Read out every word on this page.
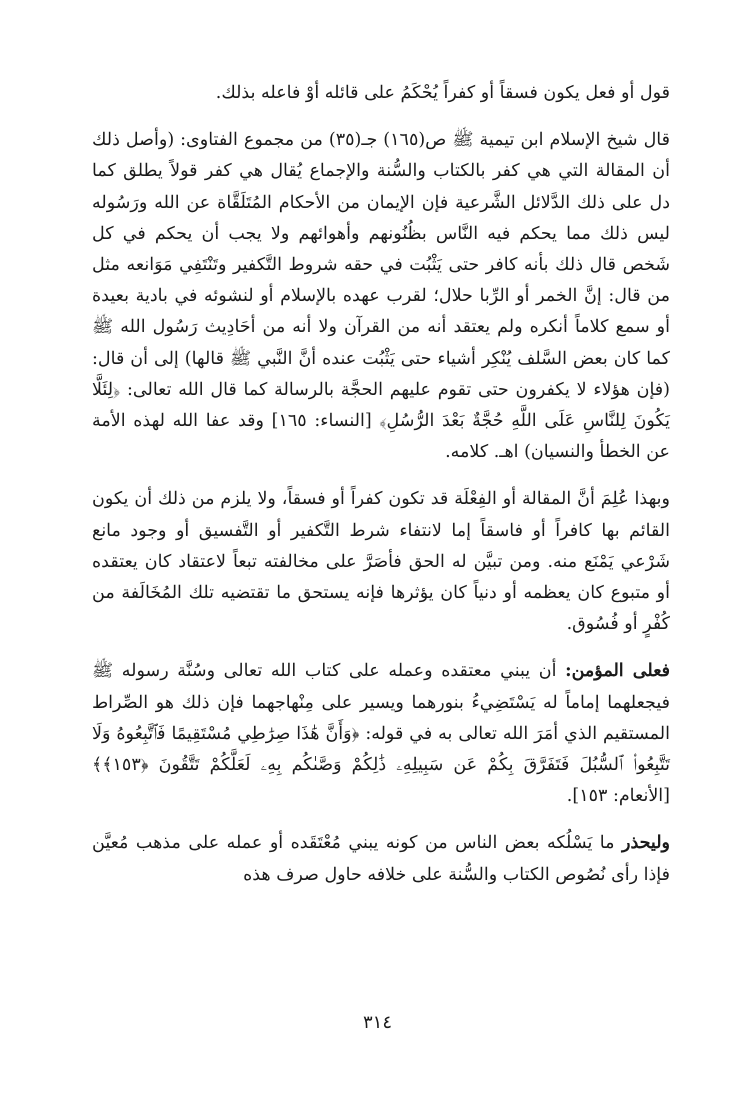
قول أو فعل يكون فسقاً أو كفراً يُحْكَمُ على قائله أوْ فاعله بذلك.

قال شيخ الإسلام ابن تيمية ﷺ ص(١٦٥) جـ(٣٥) من مجموع الفتاوى: (وأصل ذلك أن المقالة التي هي كفر بالكتاب والسُّنة والإجماع يُقال هي كفر قولاً يطلق كما دل على ذلك الدَّلائل الشَّرعية فإن الإيمان من الأحكام المُتَلَقَّاة عن الله ورَسُوله ليس ذلك مما يحكم فيه النَّاس بظُنُونهم وأهوائهم ولا يجب أن يحكم في كل شَخص قال ذلك بأنه كافر حتى يَثْبُت في حقه شروط التَّكفير وتَنْتَفِي مَوَانعه مثل من قال: إنَّ الخمر أو الرِّبا حلال؛ لقرب عهده بالإسلام أو لنشوئه في بادية بعيدة أو سمع كلاماً أنكره ولم يعتقد أنه من القرآن ولا أنه من أحَادِيث رَسُول الله ﷺ كما كان بعض السَّلف يُنْكِر أشياء حتى يَثْبُت عنده أنَّ النَّبي ﷺ قالها) إلى أن قال: (فإن هؤلاء لا يكفرون حتى تقوم عليهم الحجَّة بالرسالة كما قال الله تعالى: ﴿لِئَلَّا يَكُونَ لِلنَّاسِ عَلَى اللَّهِ حُجَّةٌ بَعْدَ الرُّسُلِ﴾ [النساء: ١٦٥] وقد عفا الله لهذه الأمة عن الخطأ والنسيان) اهـ. كلامه.

وبهذا عُلِمَ أنَّ المقالة أو الفِعْلَة قد تكون كفراً أو فسقاً، ولا يلزم من ذلك أن يكون القائم بها كافراً أو فاسقاً إما لانتفاء شرط التَّكفير أو التَّفسيق أو وجود مانع شَرْعي يَمْنَع منه. ومن تبيَّن له الحق فأصَرَّ على مخالفته تبعاً لاعتقاد كان يعتقده أو متبوع كان يعظمه أو دنياً كان يؤثرها فإنه يستحق ما تقتضيه تلك المُخَالَفة من كُفْرٍ أو فُسُوق.

فعلى المؤمن: أن يبني معتقده وعمله على كتاب الله تعالى وسُنَّة رسوله ﷺ فيجعلهما إماماً له يَسْتَضِيءُ بنورهما ويسير على مِنْهاجهما فإن ذلك هو الصِّراط المستقيم الذي أمَرَ الله تعالى به في قوله: ﴿وَأَنَّ هَٰذَا صِرَٰطِي مُسْتَقِيمًا فَٱتَّبِعُوهُ وَلَا تَتَّبِعُوا۟ ٱلسُّبُلَ فَتَفَرَّقَ بِكُمْ عَن سَبِيلِهِۦ ذَٰلِكُمْ وَصَّىٰكُم بِهِۦ لَعَلَّكُمْ تَتَّقُونَ ﴿١٥٣﴾﴾ [الأنعام: ١٥٣].

وليحذر ما يَسْلُكه بعض الناس من كونه يبني مُعْتَقَده أو عمله على مذهب مُعيَّن فإذا رأى نُصُوص الكتاب والسُّنة على خلافه حاول صرف هذه

٣١٤
